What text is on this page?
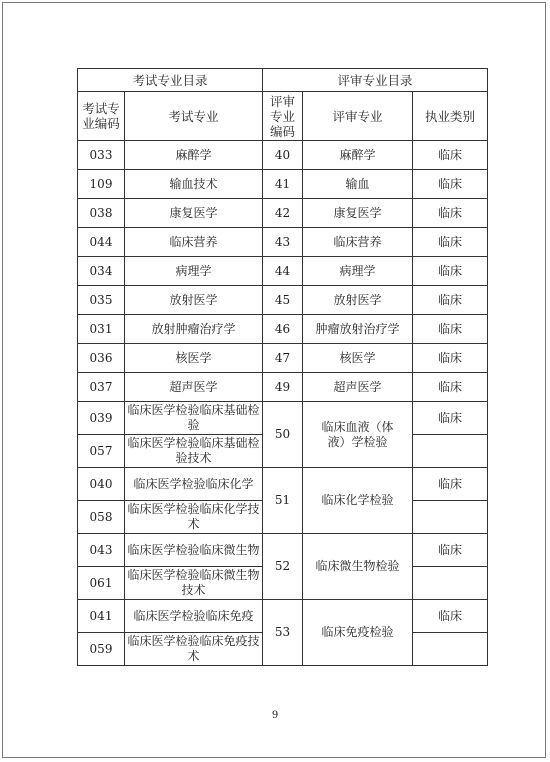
考试专业目录		评审专业目录		
考试专业编码	考试专业	评审专业编码	评审专业	执业类别
033	麻醉学	40	麻醉学	临床
109	输血技术	41	输血	临床
038	康复医学	42	康复医学	临床
044	临床营养	43	临床营养	临床
034	病理学	44	病理学	临床
035	放射医学	45	放射医学	临床
031	放射肿瘤治疗学	46	肿瘤放射治疗学	临床
036	核医学	47	核医学	临床
037	超声医学	49	超声医学	临床
039	临床医学检验临床基础检验	50	临床血液（体液）学检验	临床
057	临床医学检验临床基础检验技术			
040	临床医学检验临床化学	51	临床化学检验	临床
058	临床医学检验临床化学技术			
043	临床医学检验临床微生物	52	临床微生物检验	临床
061	临床医学检验临床微生物技术			
041	临床医学检验临床免疫	53	临床免疫检验	临床
059	临床医学检验临床免疫技术			
9
